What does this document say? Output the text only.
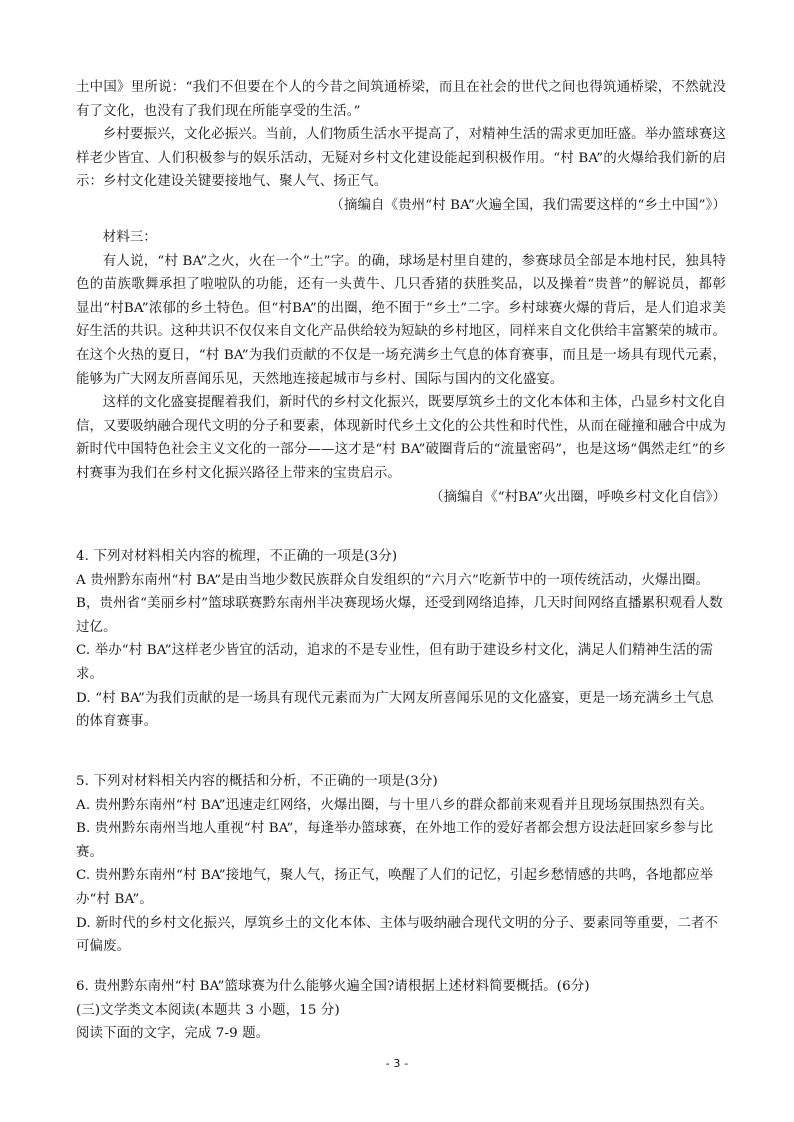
土中国》里所说：“我们不但要在个人的今昔之间筑通桥梁，而且在社会的世代之间也得筑通桥梁，不然就没有了文化，也没有了我们现在所能享受的生活。”

乡村要振兴，文化必振兴。当前，人们物质生活水平提高了，对精神生活的需求更加旺盛。举办篮球赛这样老少皆宜、人们积极参与的娱乐活动，无疑对乡村文化建设能起到积极作用。“村 BA”的火爆给我们新的启示：乡村文化建设关键要接地气、聚人气、扬正气。

（摘编自《贵州“村 BA”火遍全国，我们需要这样的“乡土中国”》）

材料三：

有人说，“村 BA”之火，火在一个“土”字。的确，球场是村里自建的，参赛球员全部是本地村民，独具特色的苗族歌舞承担了啦啦队的功能，还有一头黄牛、几只香猪的获胜奖品，以及操着“贵普”的解说员，都彰显出“村BA”浓郁的乡土特色。但“村BA”的出圈，绝不囿于“乡土”二字。乡村球赛火爆的背后，是人们追求美好生活的共识。这种共识不仅仅来自文化产品供给较为短缺的乡村地区，同样来自文化供给丰富繁荣的城市。在这个火热的夏日，“村 BA”为我们贡献的不仅是一场充满乡土气息的体育赛事，而且是一场具有现代元素，能够为广大网友所喜闻乐见，天然地连接起城市与乡村、国际与国内的文化盛宴。

这样的文化盛宴提醒着我们，新时代的乡村文化振兴，既要厚筑乡土的文化本体和主体，凸显乡村文化自信，又要吸纳融合现代文明的分子和要素，体现新时代乡土文化的公共性和时代性，从而在碰撞和融合中成为新时代中国特色社会主义文化的一部分——这才是“村 BA”破圈背后的“流量密码”，也是这场“偶然走红”的乡村赛事为我们在乡村文化振兴路径上带来的宝贵启示。

（摘编自《“村BA”火出圈，呼唤乡村文化自信》）

4. 下列对材料相关内容的梳理，不正确的一项是(3分)

A 贵州黔东南州“村 BA”是由当地少数民族群众自发组织的“六月六”吃新节中的一项传统活动，火爆出圈。

B，贵州省“美丽乡村”篮球联赛黔东南州半决赛现场火爆，还受到网络追捧，几天时间网络直播累积观看人数过亿。

C. 举办“村 BA”这样老少皆宜的活动，追求的不是专业性，但有助于建设乡村文化，满足人们精神生活的需求。

D. “村 BA”为我们贡献的是一场具有现代元素而为广大网友所喜闻乐见的文化盛宴，更是一场充满乡土气息的体育赛事。

5. 下列对材料相关内容的概括和分析，不正确的一项是(3分)

A. 贵州黔东南州“村 BA”迅速走红网络，火爆出圈，与十里八乡的群众都前来观看并且现场氛围热烈有关。

B. 贵州黔东南州当地人重视“村 BA”，每逢举办篮球赛，在外地工作的爱好者都会想方设法赶回家乡参与比赛。

C. 贵州黔东南州“村 BA”接地气，聚人气，扬正气，唤醒了人们的记忆，引起乡愁情感的共鸣，各地都应举办“村 BA”。

D. 新时代的乡村文化振兴，厚筑乡土的文化本体、主体与吸纳融合现代文明的分子、要素同等重要，二者不可偏废。

6. 贵州黔东南州“村 BA”篮球赛为什么能够火遍全国?请根据上述材料简要概括。(6分)

(三)文学类文本阅读(本题共 3 小题，15 分)

阅读下面的文字，完成 7-9 题。

- 3 -
